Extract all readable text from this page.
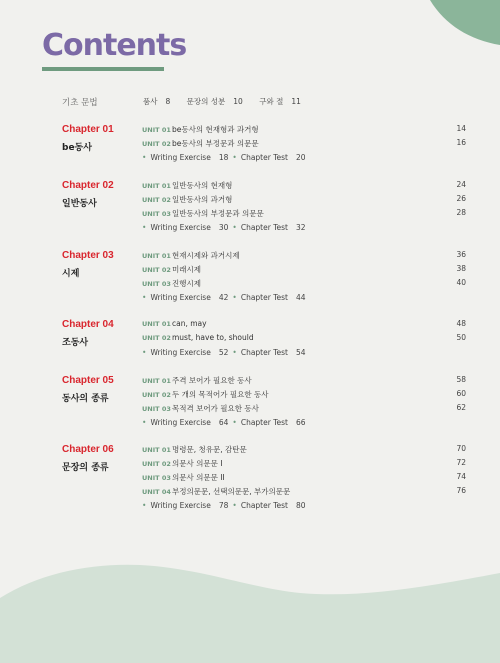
Contents
기초 문법	품사 8 문장의 성분 10 구와 절 11
Chapter 01
be동사
UNIT 01be동사의 현재형과 과거형	14
UNIT 02be동사의 부정문과 의문문	16
• Writing Exercise 18 • Chapter Test 20
Chapter 02
일반동사
UNIT 01일반동사의 현재형	24
UNIT 02일반동사의 과거형	26
UNIT 03일반동사의 부정문과 의문문	28
• Writing Exercise 30 • Chapter Test 32
Chapter 03
시제
UNIT 01현재시제와 과거시제	36
UNIT 02미래시제	38
UNIT 03진행시제	40
• Writing Exercise 42 • Chapter Test 44
Chapter 04
조동사
UNIT 01can, may	48
UNIT 02must, have to, should	50
• Writing Exercise 52 • Chapter Test 54
Chapter 05
동사의 종류
UNIT 01주격 보어가 필요한 동사	58
UNIT 02두 개의 목적어가 필요한 동사	60
UNIT 03목적격 보어가 필요한 동사	62
• Writing Exercise 64 • Chapter Test 66
Chapter 06
문장의 종류
UNIT 01명령문, 청유문, 감탄문	70
UNIT 02의문사 의문문 I	72
UNIT 03의문사 의문문 II	74
UNIT 04부정의문문, 선택의문문, 부가의문문	76
• Writing Exercise 78 • Chapter Test 80
